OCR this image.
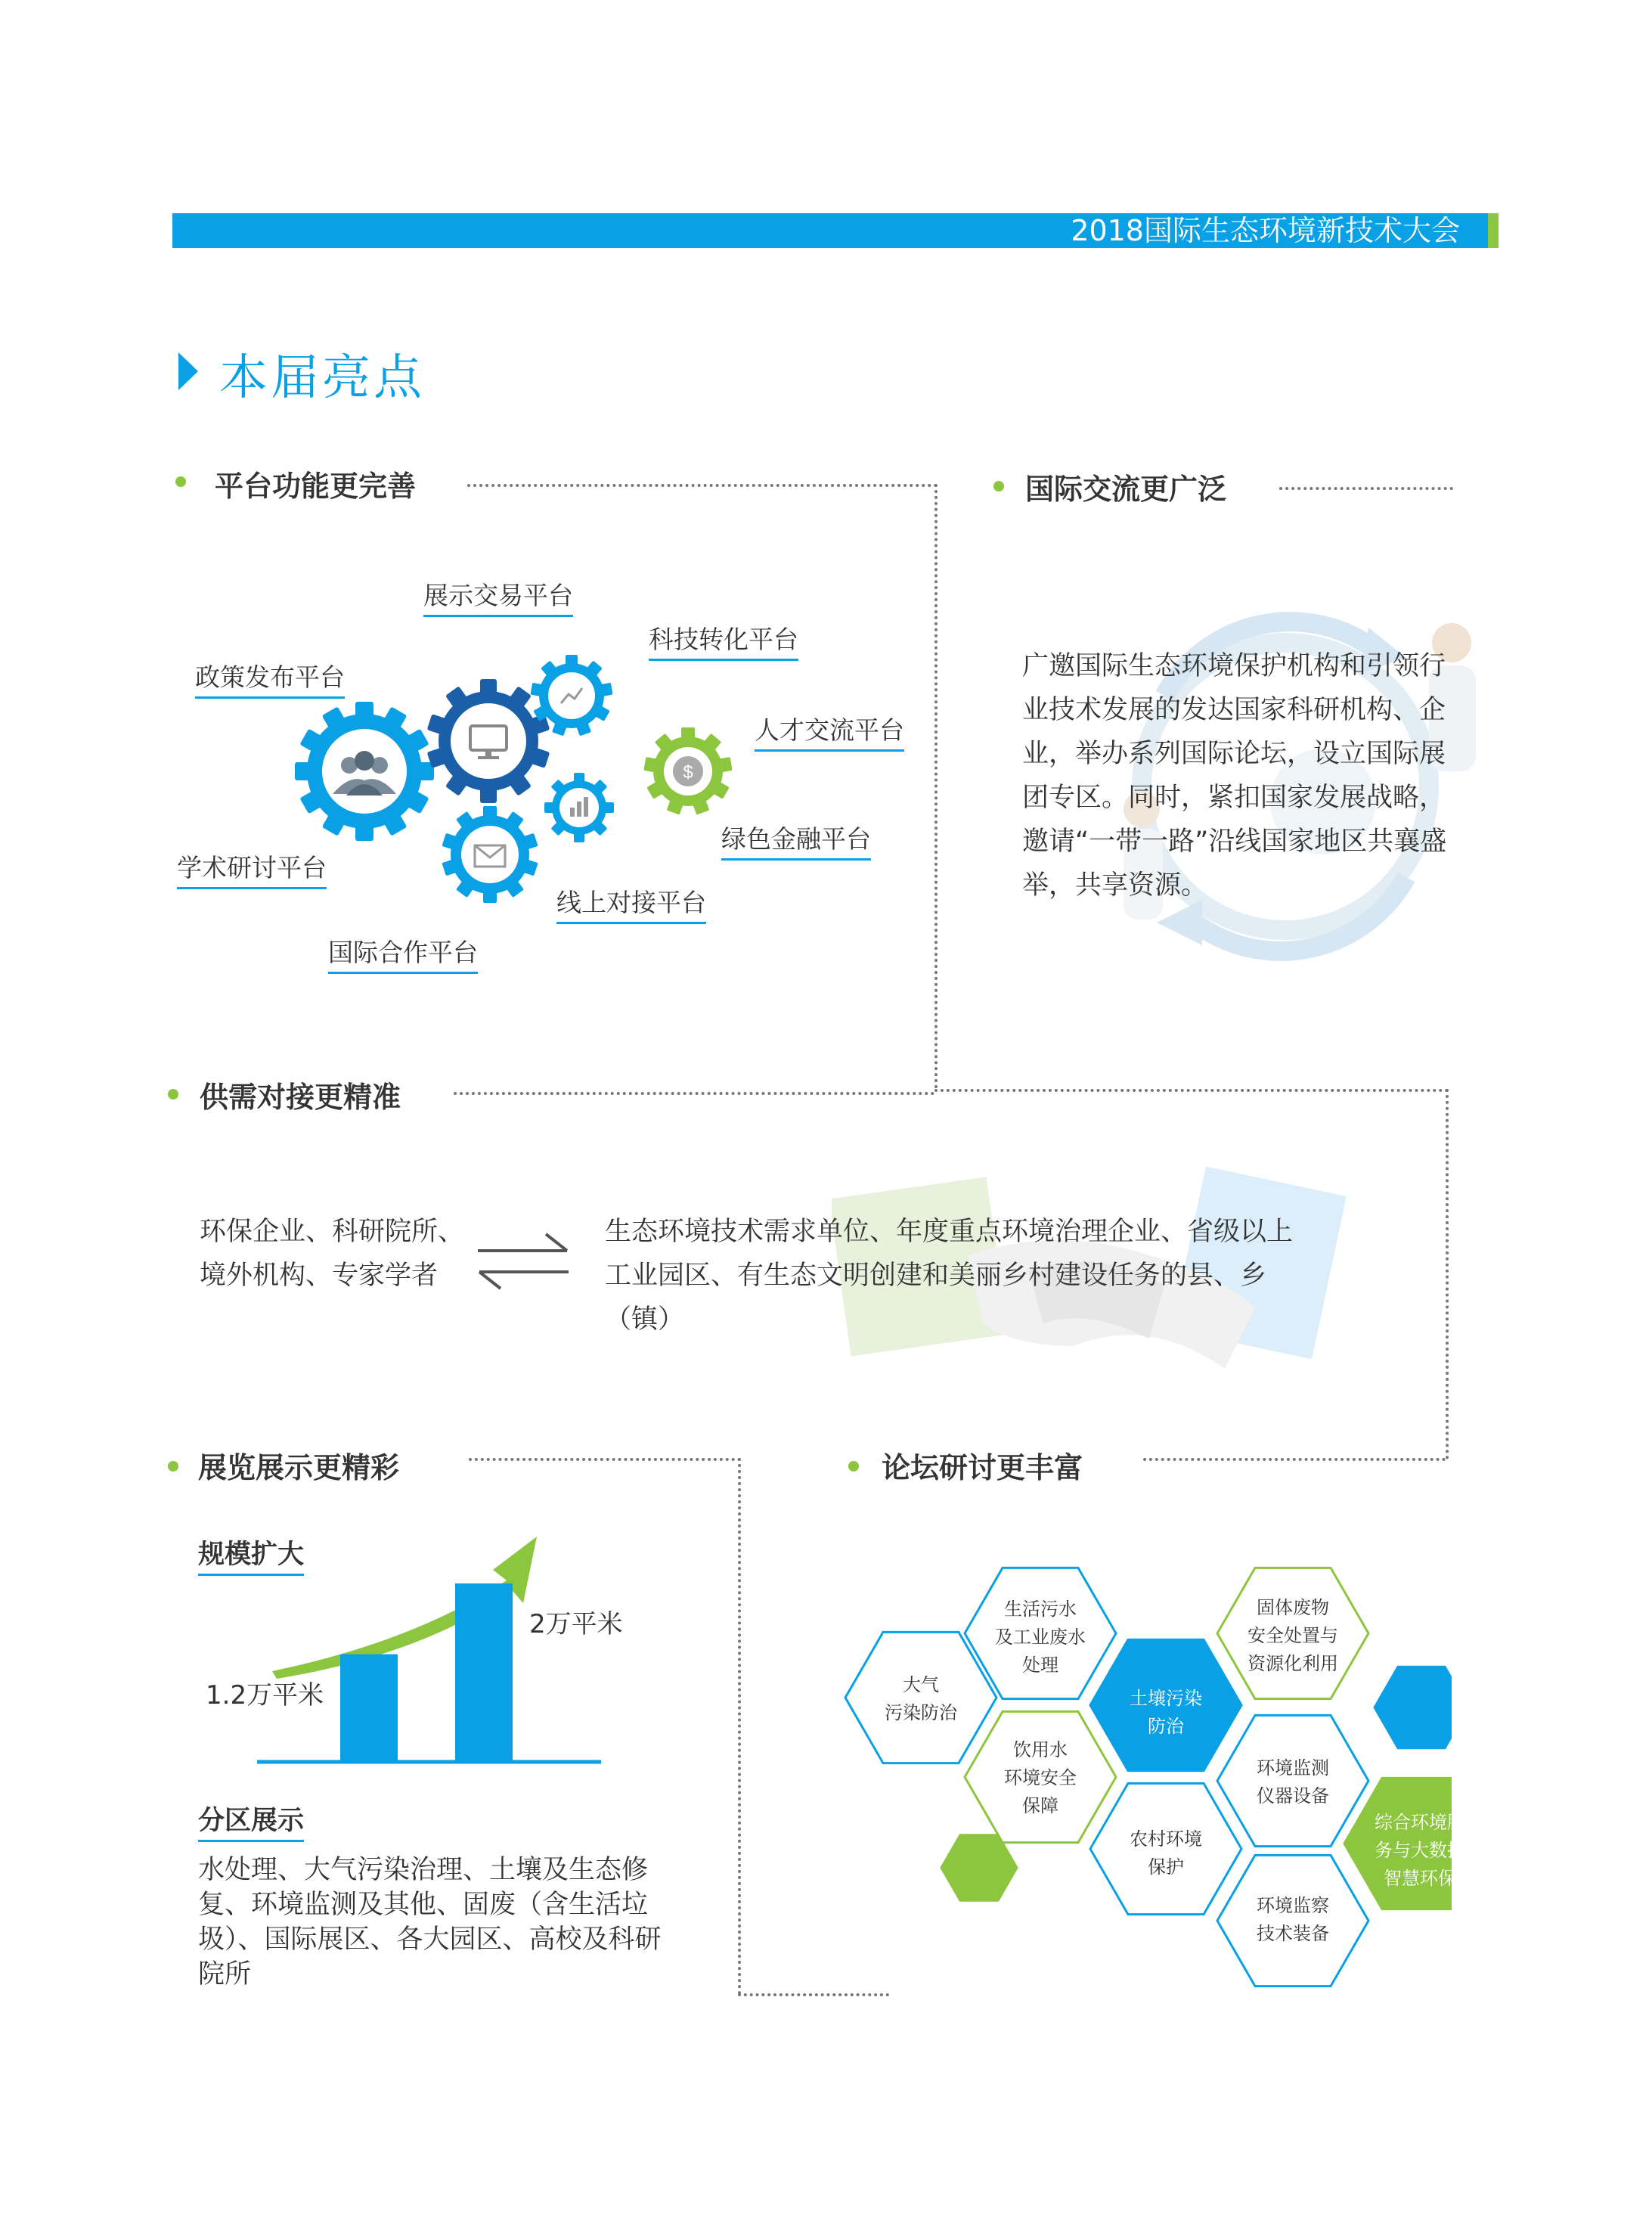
2018国际生态环境新技术大会
本届亮点
平台功能更完善
$
展示交易平台
科技转化平台
政策发布平台
人才交流平台
绿色金融平台
学术研讨平台
线上对接平台
国际合作平台
国际交流更广泛
广邀国际生态环境保护机构和引领行业技术发展的发达国家科研机构、企业，举办系列国际论坛，设立国际展团专区。同时，紧扣国家发展战略，邀请“一带一路”沿线国家地区共襄盛举，共享资源。
供需对接更精准
环保企业、科研院所、境外机构、专家学者
生态环境技术需求单位、年度重点环境治理企业、省级以上工业园区、有生态文明创建和美丽乡村建设任务的县、乡（镇）
展览展示更精彩
规模扩大
1.2万平米
2万平米
分区展示
水处理、大气污染治理、土壤及生态修复、环境监测及其他、固废（含生活垃圾）、国际展区、各大园区、高校及科研院所
论坛研讨更丰富
大气
污染防治
生活污水
及工业废水
处理
固体废物
安全处置与
资源化利用
土壤污染
防治
饮用水
环境安全
保障
环境监测
仪器设备
农村环境
保护
综合环境服
务与大数据
智慧环保
环境监察
技术装备
